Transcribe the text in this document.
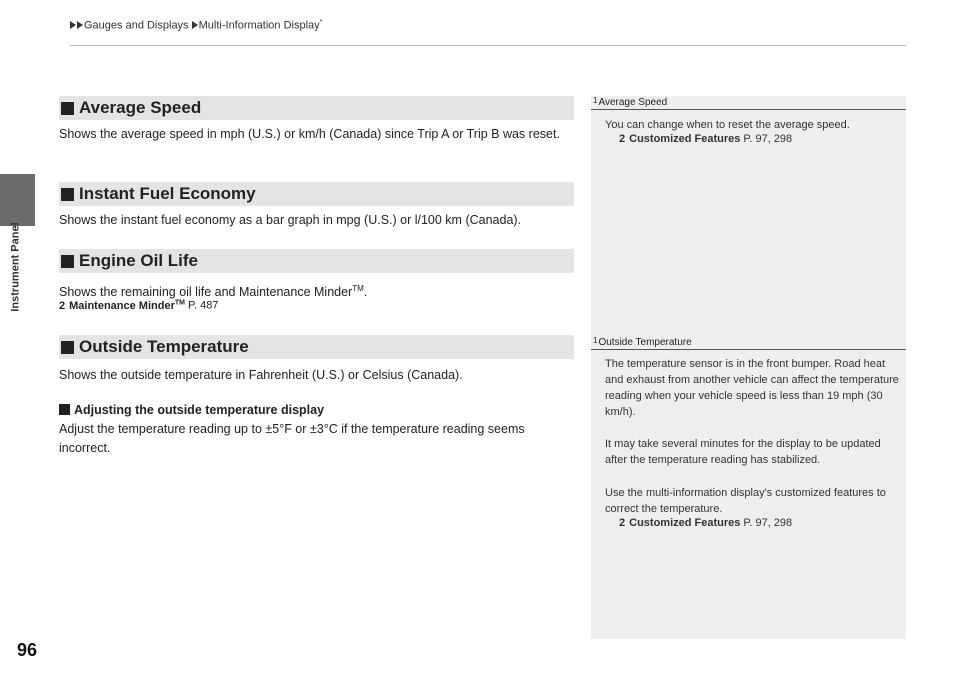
Gauges and Displays Multi-Information Display*
Instrument Panel
96
Average Speed
Shows the average speed in mph (U.S.) or km/h (Canada) since Trip A or Trip B was reset.
Instant Fuel Economy
Shows the instant fuel economy as a bar graph in mpg (U.S.) or l/100 km (Canada).
Engine Oil Life
Shows the remaining oil life and Maintenance Minder™.
2 Maintenance Minder™ P. 487
Outside Temperature
Shows the outside temperature in Fahrenheit (U.S.) or Celsius (Canada).
Adjusting the outside temperature display
Adjust the temperature reading up to ±5°F or ±3°C if the temperature reading seems incorrect.
$^1$Average Speed
You can change when to reset the average speed.
2 Customized Features P. 97, 298
$^1$Outside Temperature
The temperature sensor is in the front bumper. Road heat and exhaust from another vehicle can affect the temperature reading when your vehicle speed is less than 19 mph (30 km/h).
It may take several minutes for the display to be updated after the temperature reading has stabilized.
Use the multi-information display's customized features to correct the temperature.
2 Customized Features P. 97, 298
